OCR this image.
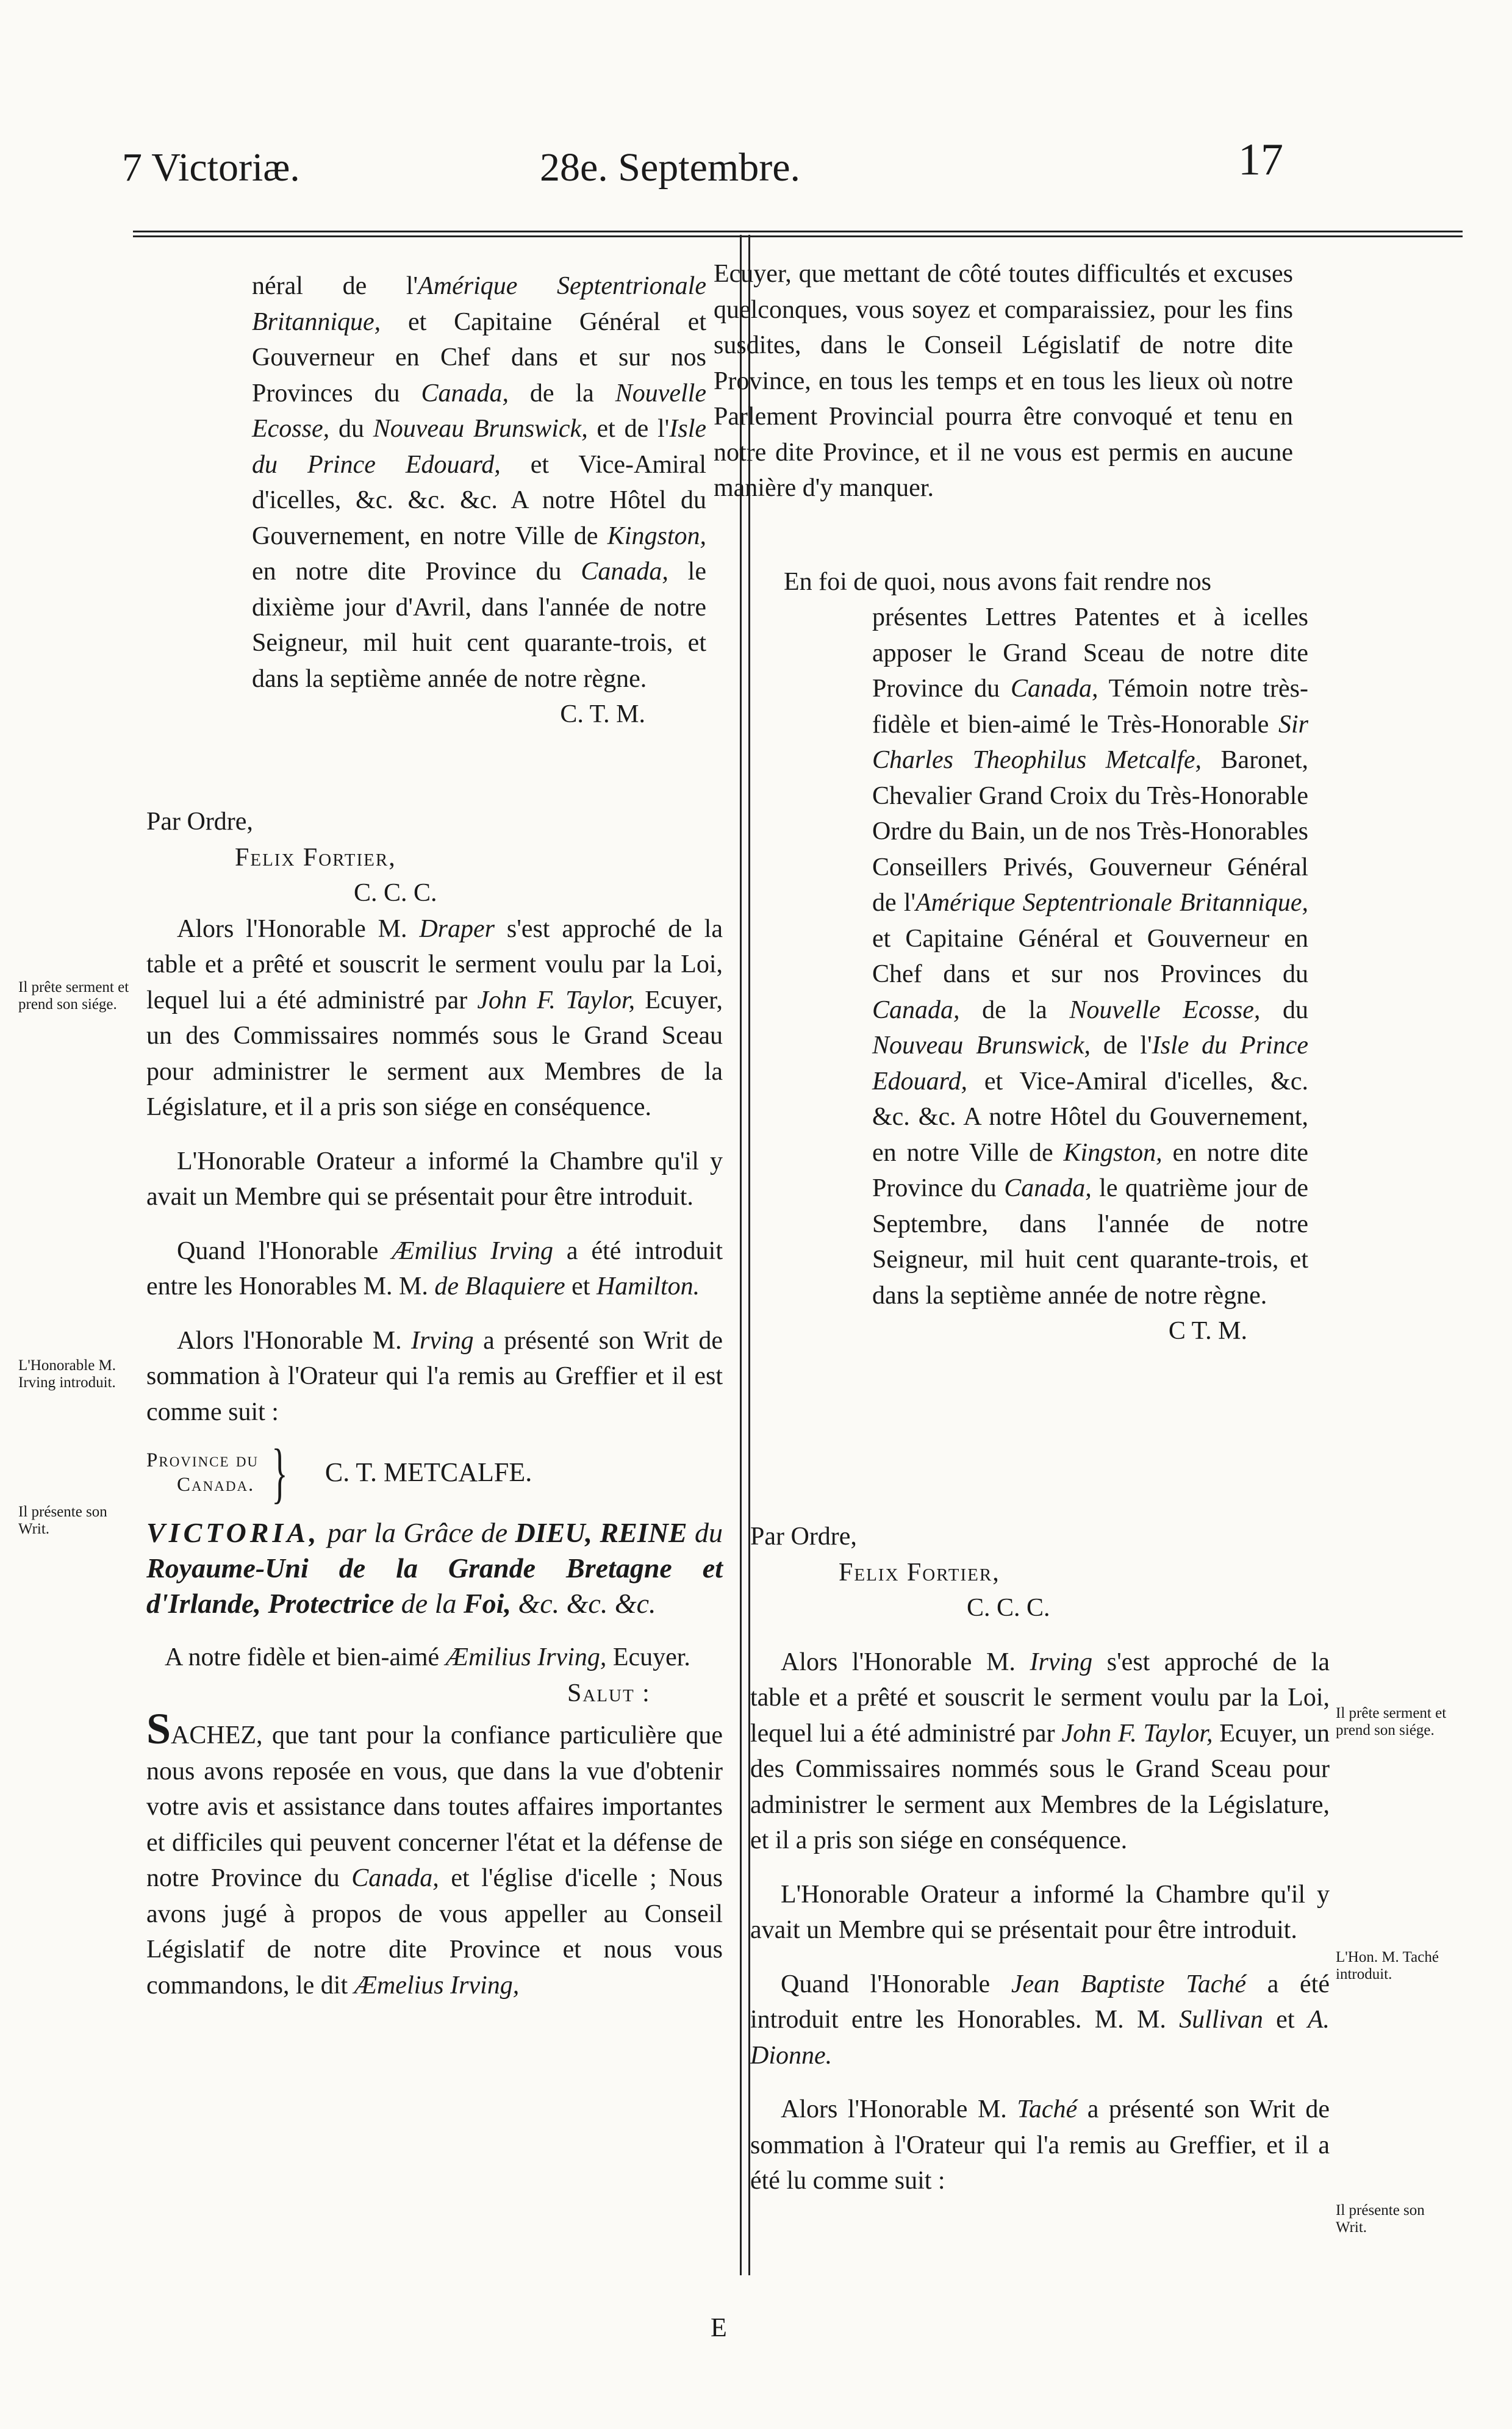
7 Victoriæ.	28e. Septembre.	17

néral de l'Amérique Septentrionale Britannique, et Capitaine Général et Gouverneur en Chef dans et sur nos Provinces du Canada, de la Nouvelle Ecosse, du Nouveau Brunswick, et de l'Isle du Prince Edouard, et Vice-Amiral d'icelles, &c. &c. &c. A notre Hôtel du Gouvernement, en notre Ville de Kingston, en notre dite Province du Canada, le dixième jour d'Avril, dans l'année de notre Seigneur, mil huit cent quarante-trois, et dans la septième année de notre règne.

C. T. M.

Par Ordre,

Felix Fortier,

C. C. C.

Alors l'Honorable M. Draper s'est approché de la table et a prêté et souscrit le serment voulu par la Loi, lequel lui a été administré par John F. Taylor, Ecuyer, un des Commissaires nommés sous le Grand Sceau pour administrer le serment aux Membres de la Législature, et il a pris son siége en conséquence.

L'Honorable Orateur a informé la Chambre qu'il y avait un Membre qui se présentait pour être introduit.

Quand l'Honorable Æmilius Irving a été introduit entre les Honorables M. M. de Blaquiere et Hamilton.

Alors l'Honorable M. Irving a présenté son Writ de sommation à l'Orateur qui l'a remis au Greffier et il est comme suit :

Province du
Canada. } C. T. METCALFE.

VICTORIA, par la Grâce de DIEU, REINE du Royaume-Uni de la Grande Bretagne et d'Irlande, Protectrice de la Foi, &c. &c. &c.

A notre fidèle et bien-aimé Æmilius Irving, Ecuyer.

Salut :

SACHEZ, que tant pour la confiance particulière que nous avons reposée en vous, que dans la vue d'obtenir votre avis et assistance dans toutes affaires importantes et difficiles qui peuvent concerner l'état et la défense de notre Province du Canada, et l'église d'icelle ; Nous avons jugé à propos de vous appeller au Conseil Législatif de notre dite Province et nous vous commandons, le dit Æmelius Irving,

E

Ecuyer, que mettant de côté toutes difficultés et excuses quelconques, vous soyez et comparaissiez, pour les fins susdites, dans le Conseil Législatif de notre dite Province, en tous les temps et en tous les lieux où notre Parlement Provincial pourra être convoqué et tenu en notre dite Province, et il ne vous est permis en aucune manière d'y manquer.

En foi de quoi, nous avons fait rendre nos

présentes Lettres Patentes et à icelles apposer le Grand Sceau de notre dite Province du Canada, Témoin notre très-fidèle et bien-aimé le Très-Honorable Sir Charles Theophilus Metcalfe, Baronet, Chevalier Grand Croix du Très-Honorable Ordre du Bain, un de nos Très-Honorables Conseillers Privés, Gouverneur Général de l'Amérique Septentrionale Britannique, et Capitaine Général et Gouverneur en Chef dans et sur nos Provinces du Canada, de la Nouvelle Ecosse, du Nouveau Brunswick, de l'Isle du Prince Edouard, et Vice-Amiral d'icelles, &c. &c. &c. A notre Hôtel du Gouvernement, en notre Ville de Kingston, en notre dite Province du Canada, le quatrième jour de Septembre, dans l'année de notre Seigneur, mil huit cent quarante-trois, et dans la septième année de notre règne.

C T. M.

Par Ordre,

Felix Fortier,

C. C. C.

Alors l'Honorable M. Irving s'est approché de la table et a prêté et souscrit le serment voulu par la Loi, lequel lui a été administré par John F. Taylor, Ecuyer, un des Commissaires nommés sous le Grand Sceau pour administrer le serment aux Membres de la Législature, et il a pris son siége en conséquence.

L'Honorable Orateur a informé la Chambre qu'il y avait un Membre qui se présentait pour être introduit.

Quand l'Honorable Jean Baptiste Taché a été introduit entre les Honorables. M. M. Sullivan et A. Dionne.

Alors l'Honorable M. Taché a présenté son Writ de sommation à l'Orateur qui l'a remis au Greffier, et il a été lu comme suit :

Il prête serment et prend son siége.
L'Honorable M. Irving introduit.
Il présente son Writ.
Il prête serment et prend son siége.
L'Hon. M. Taché introduit.
Il présente son Writ.
